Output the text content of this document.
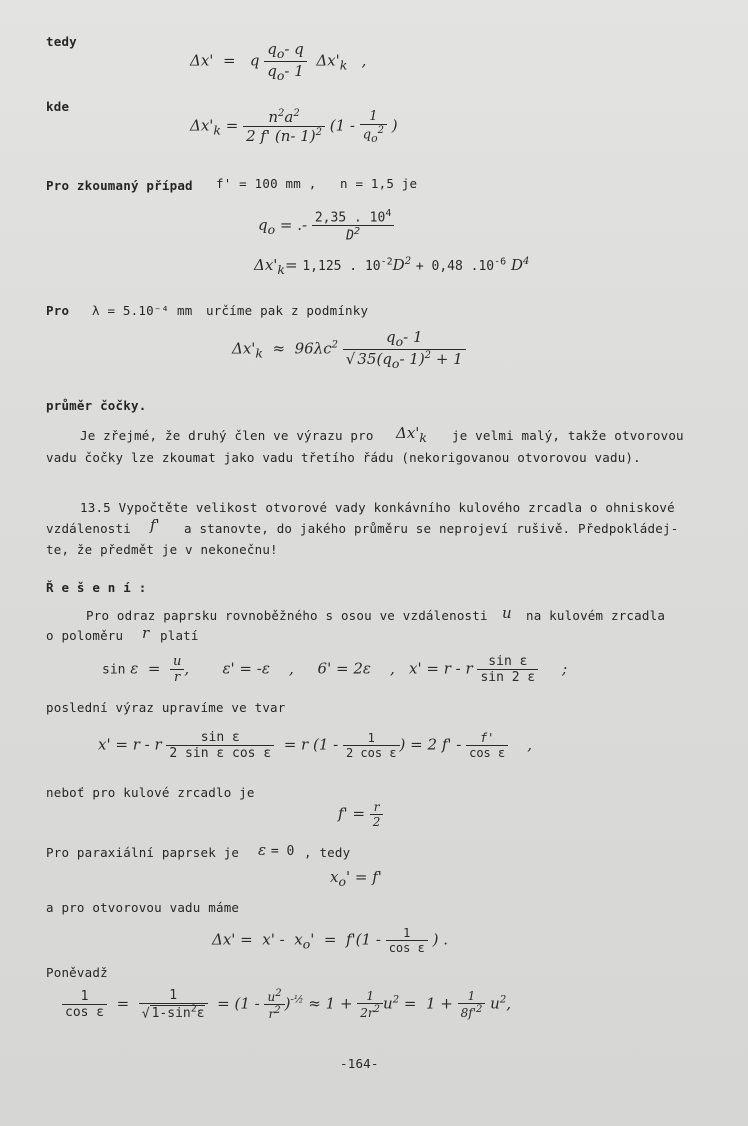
tedy
Δx'  =   q $\frac{q_o- q}{q_o- 1} \Delta x'_k$   ,
kde
$\Delta x'_k = \frac{n^2a^2}{2 f' (n- 1)^2} (1 - \frac{1}{q_o^2}$ )
Pro zkoumaný případ f' = 100 mm , n = 1,5 je
$q_o$ = .- $\frac{2,35 . 10^4}{D^2}$
$\Delta x'_k= 1,125$ . $10^{-2}D^2 + 0,48$ $.10^{-6}$ $D^4$
Pro λ = 5.10⁻⁴ mm určíme pak z podmínky
$\Delta x'_k \approx 96\lambda c^2 \frac{q_o- 1}{√ 35(q_o- 1)^2 + 1}$
průměr čočky.
Je zřejmé, že druhý člen ve výrazu pro $\Delta x'_k$ je velmi malý, takže otvorovou
vadu čočky lze zkoumat jako vadu třetího řádu (nekorigovanou otvorovou vadu).
13.5 Vypočtěte velikost otvorové vady konkávního kulového zrcadla o ohniskové
vzdálenosti f' a stanovte, do jakého průměru se neprojeví rušivě. Předpokládej-
te, že předmět je v nekonečnu!
Ř e š e n í :
Pro odraz paprsku rovnoběžného s osou ve vzdálenosti u na kulovém zrcadla
o poloměru r platí
$\sin \varepsilon = \frac{u}{r}$ ,       ε' = -ε    ,     6' = 2ε    ,   x' = r - r $\frac{\text{sin ε}}{\sin 2 \varepsilon}$ ;
poslední výraz upravíme ve tvar
x' = r - r $\frac{\text{sin ε}}{\text{2 sin ε cos ε}} = r$ ($1 - \frac{1}{\text{2 cos ε}}$ ) = 2 f' - $\frac{f'}{\text{cos ε}}$ ,
neboť pro kulové zrcadlo je
$f' = \frac{r}{2}$
Pro paraxiální paprsek je ε = 0 , tedy
$x_o' = f'$
a pro otvorovou vadu máme
$\Delta x' = x' - x_o' = f'(1 - \frac{1}{\text{cos ε}}$ ) .
Poněvadž
$\frac{1}{\text{cos ε}} = \frac{1}{√ 1-\sin^2\varepsilon} = (1 - \frac{u^2}{r^2} )^{-\frac{1}{2}} \approx 1 + \frac{1}{2r^2} u^2 = 1 + \frac{1}{8f'^2} u^2$,
-164-
